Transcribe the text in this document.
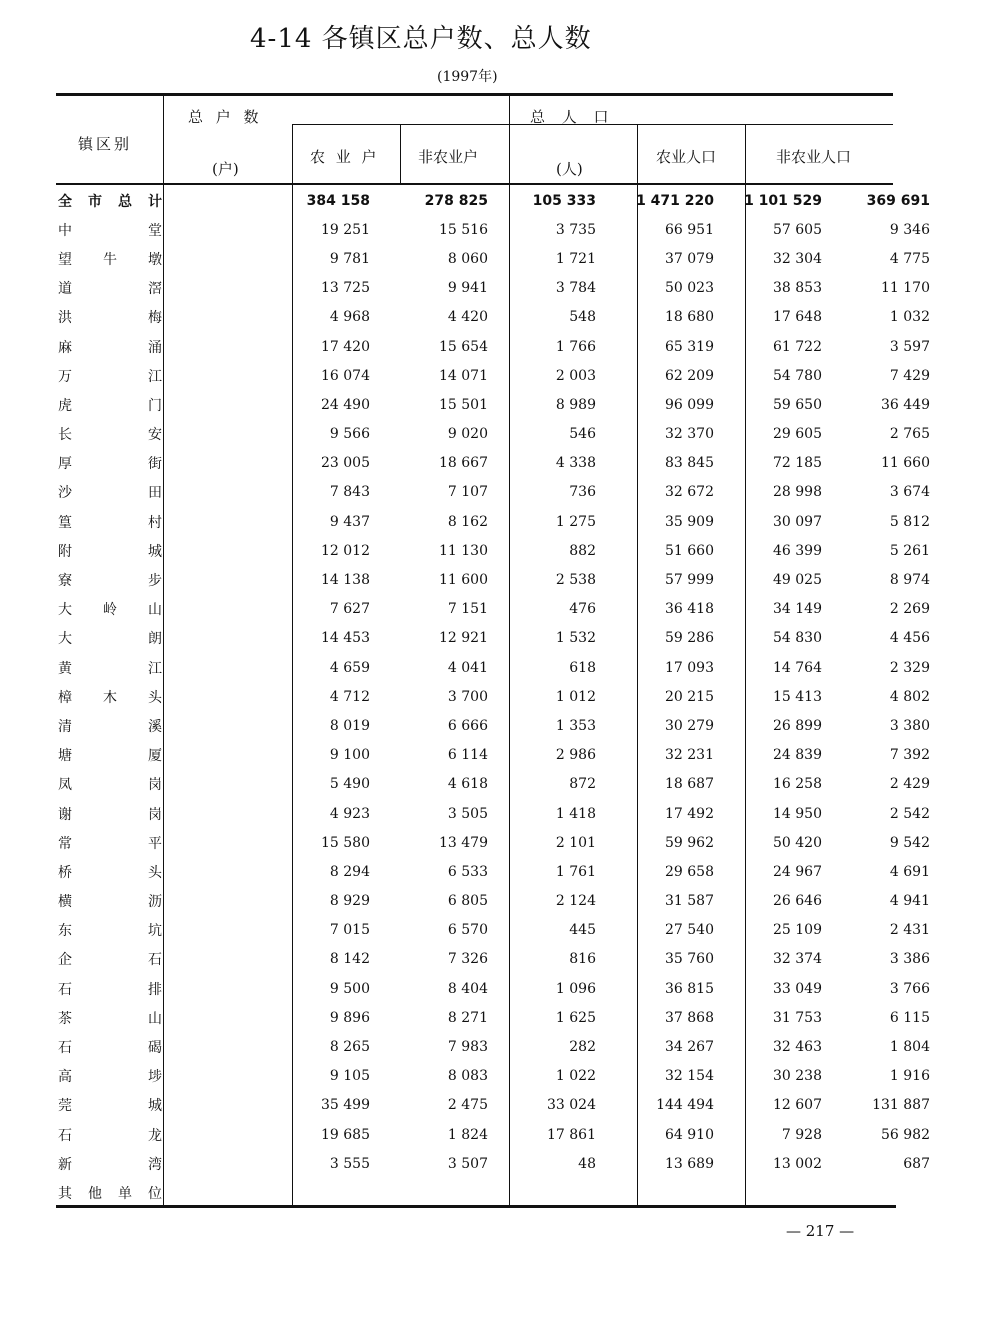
4-14 各镇区总户数、总人数
(1997年)
镇区别
总 户 数
(户)
农 业 户	非农业户
总 人 口
(人)
农业人口	非农业人口
全市总计	384 158	278 825	105 333	1 471 220	1 101 529	369 691
中堂	19 251	15 516	3 735	66 951	57 605	9 346
望牛墩	9 781	8 060	1 721	37 079	32 304	4 775
道滘	13 725	9 941	3 784	50 023	38 853	11 170
洪梅	4 968	4 420	548	18 680	17 648	1 032
麻涌	17 420	15 654	1 766	65 319	61 722	3 597
万江	16 074	14 071	2 003	62 209	54 780	7 429
虎门	24 490	15 501	8 989	96 099	59 650	36 449
长安	9 566	9 020	546	32 370	29 605	2 765
厚街	23 005	18 667	4 338	83 845	72 185	11 660
沙田	7 843	7 107	736	32 672	28 998	3 674
篁村	9 437	8 162	1 275	35 909	30 097	5 812
附城	12 012	11 130	882	51 660	46 399	5 261
寮步	14 138	11 600	2 538	57 999	49 025	8 974
大岭山	7 627	7 151	476	36 418	34 149	2 269
大朗	14 453	12 921	1 532	59 286	54 830	4 456
黄江	4 659	4 041	618	17 093	14 764	2 329
樟木头	4 712	3 700	1 012	20 215	15 413	4 802
清溪	8 019	6 666	1 353	30 279	26 899	3 380
塘厦	9 100	6 114	2 986	32 231	24 839	7 392
凤岗	5 490	4 618	872	18 687	16 258	2 429
谢岗	4 923	3 505	1 418	17 492	14 950	2 542
常平	15 580	13 479	2 101	59 962	50 420	9 542
桥头	8 294	6 533	1 761	29 658	24 967	4 691
横沥	8 929	6 805	2 124	31 587	26 646	4 941
东坑	7 015	6 570	445	27 540	25 109	2 431
企石	8 142	7 326	816	35 760	32 374	3 386
石排	9 500	8 404	1 096	36 815	33 049	3 766
茶山	9 896	8 271	1 625	37 868	31 753	6 115
石碣	8 265	7 983	282	34 267	32 463	1 804
高埗	9 105	8 083	1 022	32 154	30 238	1 916
莞城	35 499	2 475	33 024	144 494	12 607	131 887
石龙	19 685	1 824	17 861	64 910	7 928	56 982
新湾	3 555	3 507	48	13 689	13 002	687
其他单位						
— 217 —
